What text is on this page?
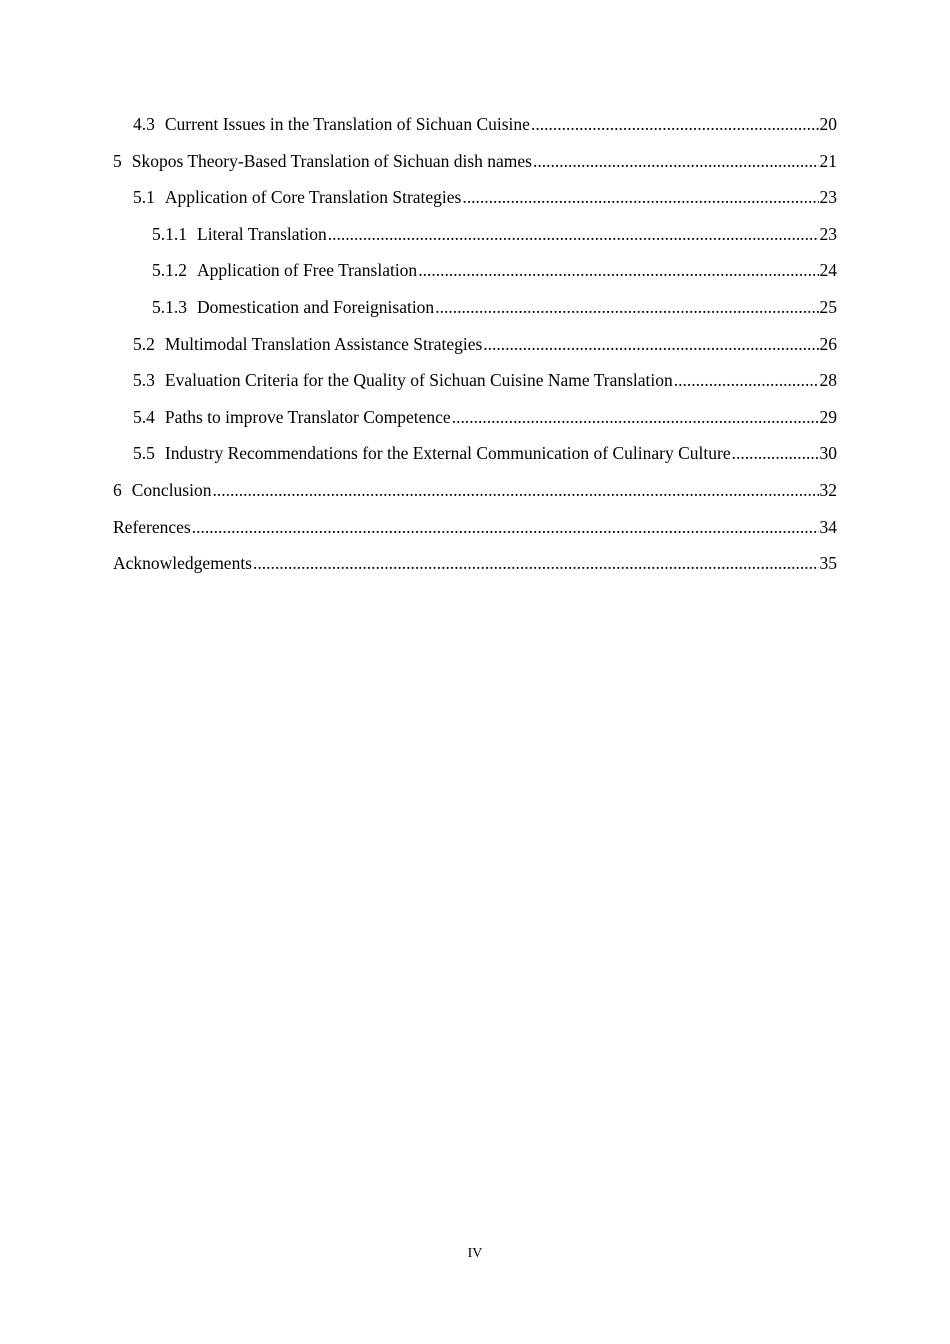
4.3 Current Issues in the Translation of Sichuan Cuisine .....	20
5 Skopos Theory-Based Translation of Sichuan dish names .....	21
5.1 Application of Core Translation Strategies .....	23
5.1.1 Literal Translation .....	23
5.1.2 Application of Free Translation .....	24
5.1.3 Domestication and Foreignisation .....	25
5.2 Multimodal Translation Assistance Strategies .....	26
5.3 Evaluation Criteria for the Quality of Sichuan Cuisine Name Translation .....	28
5.4 Paths to improve Translator Competence .....	29
5.5 Industry Recommendations for the External Communication of Culinary Culture .....	30
6 Conclusion .....	32
References .....	34
Acknowledgements .....	35
IV
